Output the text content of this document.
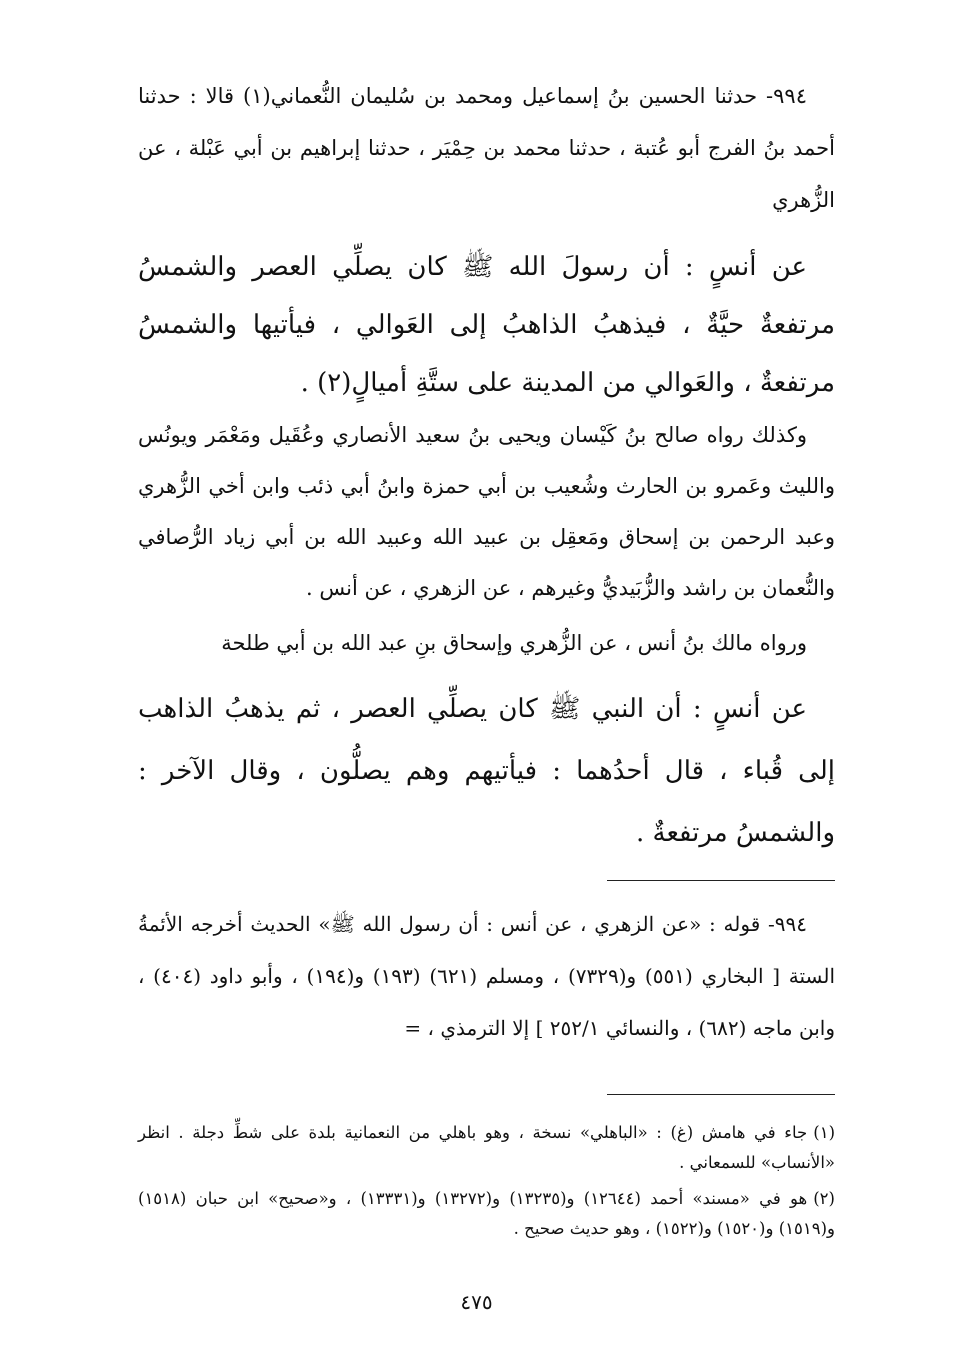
٩٩٤- حدثنا الحسين بنُ إسماعيل ومحمد بن سُليمان النُّعماني(١) قالا : حدثنا أحمد بنُ الفرج أبو عُتبة ، حدثنا محمد بن حِمْيَر ، حدثنا إبراهيم بن أبي عَبْلة ، عن الزُّهري

عن أنسٍ : أن رسولَ الله ﷺ كان يصلِّي العصر والشمسُ مرتفعةٌ حيَّةٌ ، فيذهبُ الذاهبُ إلى العَوالي ، فيأتيها والشمسُ مرتفعةٌ ، والعَوالي من المدينة على ستَّةِ أميالٍ(٢) .

وكذلك رواه صالح بنُ كَيْسان ويحيى بنُ سعيد الأنصاري وعُقَيل ومَعْمَر ويونُس والليث وعَمرو بن الحارث وشُعيب بن أبي حمزة وابنُ أبي ذئب وابن أخي الزُّهري وعبد الرحمن بن إسحاق ومَعقِل بن عبيد الله وعبيد الله بن أبي زياد الرُّصافي والنُّعمان بن راشد والزُّبَيديُّ وغيرهم ، عن الزهري ، عن أنس .

ورواه مالك بنُ أنس ، عن الزُّهري وإسحاق بنِ عبد الله بن أبي طلحة

عن أنسٍ : أن النبي ﷺ كان يصلِّي العصر ، ثم يذهبُ الذاهب إلى قُباء ، قال أحدُهما : فيأتيهم وهم يصلُّون ، وقال الآخر : والشمسُ مرتفعةٌ .

٩٩٤- قوله : «عن الزهري ، عن أنس : أن رسول الله ﷺ» الحديث أخرجه الأئمةُ الستة [ البخاري (٥٥١) و(٧٣٢٩) ، ومسلم (٦٢١) (١٩٣) و(١٩٤) ، وأبو داود (٤٠٤) ، وابن ماجه (٦٨٢) ، والنسائي ٢٥٢/١ ] إلا الترمذي ، =

(١)جاء في هامش (غ) : «الباهلي» نسخة ، وهو باهلي من النعمانية بلدة على شطِّ دجلة . انظر «الأنساب» للسمعاني .

(٢)هو في «مسند» أحمد (١٢٦٤٤) و(١٣٢٣٥) و(١٣٢٧٢) و(١٣٣٣١) ، و«صحيح» ابن حبان (١٥١٨) و(١٥١٩) و(١٥٢٠) و(١٥٢٢) ، وهو حديث صحيح .

٤٧٥
